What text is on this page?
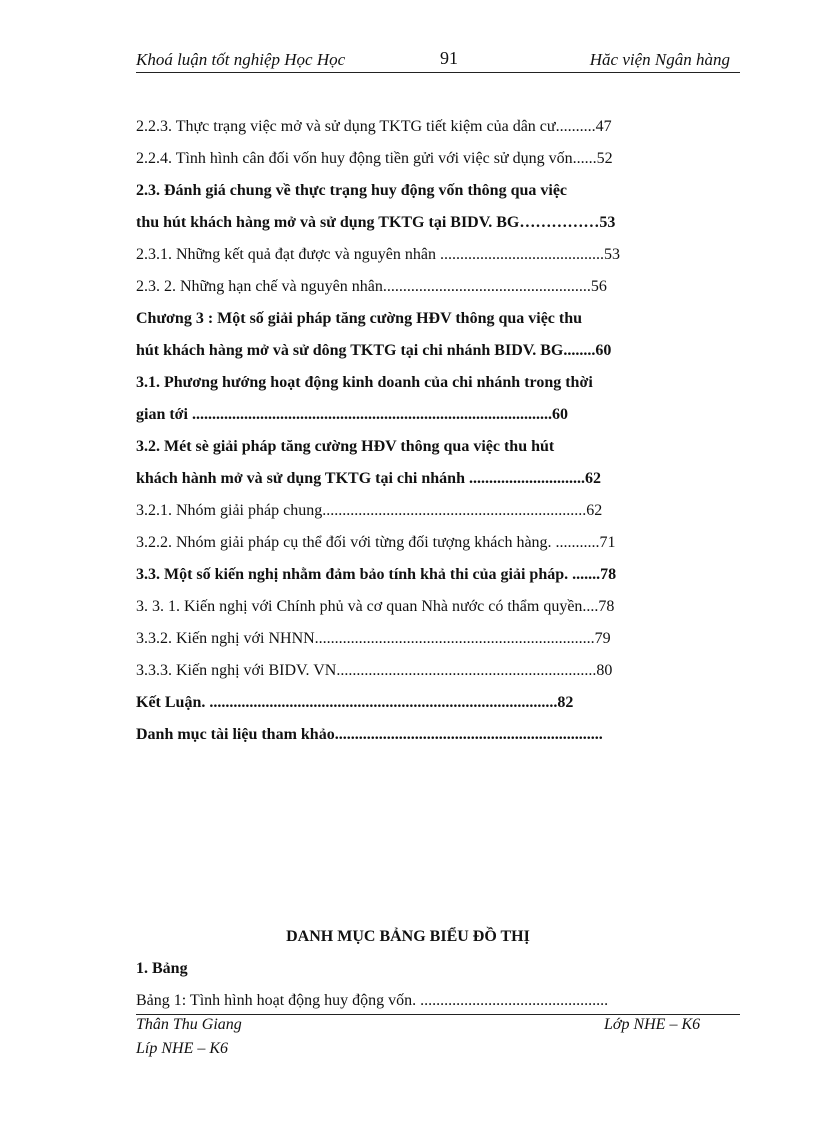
Khoá luận tốt nghiệp Học Học	91	Hăc viện Ngân hàng
2.2.3. Thực trạng việc mở và sử dụng TKTG tiết kiệm của dân cư..........47
2.2.4. Tình hình cân đối vốn huy động tiền gửi với việc sử dụng vốn......52
2.3. Đánh giá chung về thực trạng huy động vốn thông qua việc
thu hút khách hàng mở và sử dụng TKTG tại BIDV. BG……………53
2.3.1. Những kết quả đạt được và nguyên nhân .........................................53
2.3. 2. Những hạn chế và nguyên nhân....................................................56
Chương 3 : Một số giải pháp tăng cường HĐV thông qua việc thu
hút khách hàng mở và sử dông TKTG tại chi nhánh BIDV. BG........60
3.1. Phương hướng hoạt động kinh doanh của chi nhánh trong thời
gian tới ..........................................................................................60
3.2. Mét sè giải pháp tăng cường HĐV thông qua việc thu hút
khách hành mở và sử dụng TKTG tại chi nhánh .............................62
3.2.1. Nhóm giải pháp chung..................................................................62
3.2.2. Nhóm giải pháp cụ thể đối với từng đối tượng khách hàng. ...........71
3.3. Một số kiến nghị nhằm đảm bảo tính khả thi của giải pháp. .......78
3. 3. 1. Kiến nghị với Chính phủ và cơ quan Nhà nước có thẩm quyền....78
3.3.2. Kiến nghị với NHNN......................................................................79
3.3.3. Kiến nghị với BIDV. VN.................................................................80
Kết Luận. .......................................................................................82
Danh mục tài liệu tham khảo...................................................................
DANH MỤC BẢNG BIỂU ĐỒ THỊ
1. Bảng
Bảng 1: Tình hình hoạt động huy động vốn. ...............................................
Thân Thu Giang	Lớp NHE – K6
Líp NHE – K6
